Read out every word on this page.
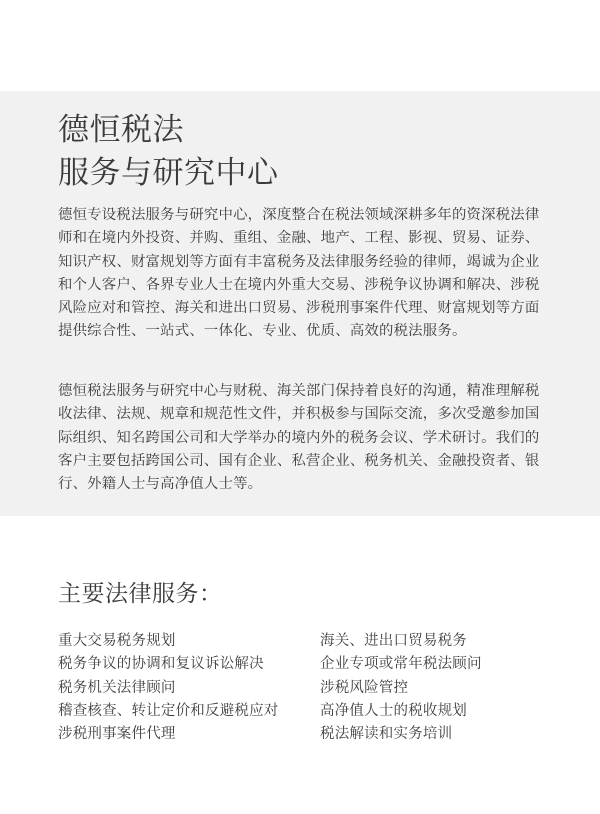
德恒税法
服务与研究中心

德恒专设税法服务与研究中心，深度整合在税法领域深耕多年的资深税法律师和在境内外投资、并购、重组、金融、地产、工程、影视、贸易、证券、知识产权、财富规划等方面有丰富税务及法律服务经验的律师，竭诚为企业和个人客户、各界专业人士在境内外重大交易、涉税争议协调和解决、涉税风险应对和管控、海关和进出口贸易、涉税刑事案件代理、财富规划等方面提供综合性、一站式、一体化、专业、优质、高效的税法服务。

德恒税法服务与研究中心与财税、海关部门保持着良好的沟通，精准理解税收法律、法规、规章和规范性文件，并积极参与国际交流，多次受邀参加国际组织、知名跨国公司和大学举办的境内外的税务会议、学术研讨。我们的客户主要包括跨国公司、国有企业、私营企业、税务机关、金融投资者、银行、外籍人士与高净值人士等。

主要法律服务：
重大交易税务规划
税务争议的协调和复议诉讼解决
税务机关法律顾问
稽查核查、转让定价和反避税应对
涉税刑事案件代理
海关、进出口贸易税务
企业专项或常年税法顾问
涉税风险管控
高净值人士的税收规划
税法解读和实务培训
